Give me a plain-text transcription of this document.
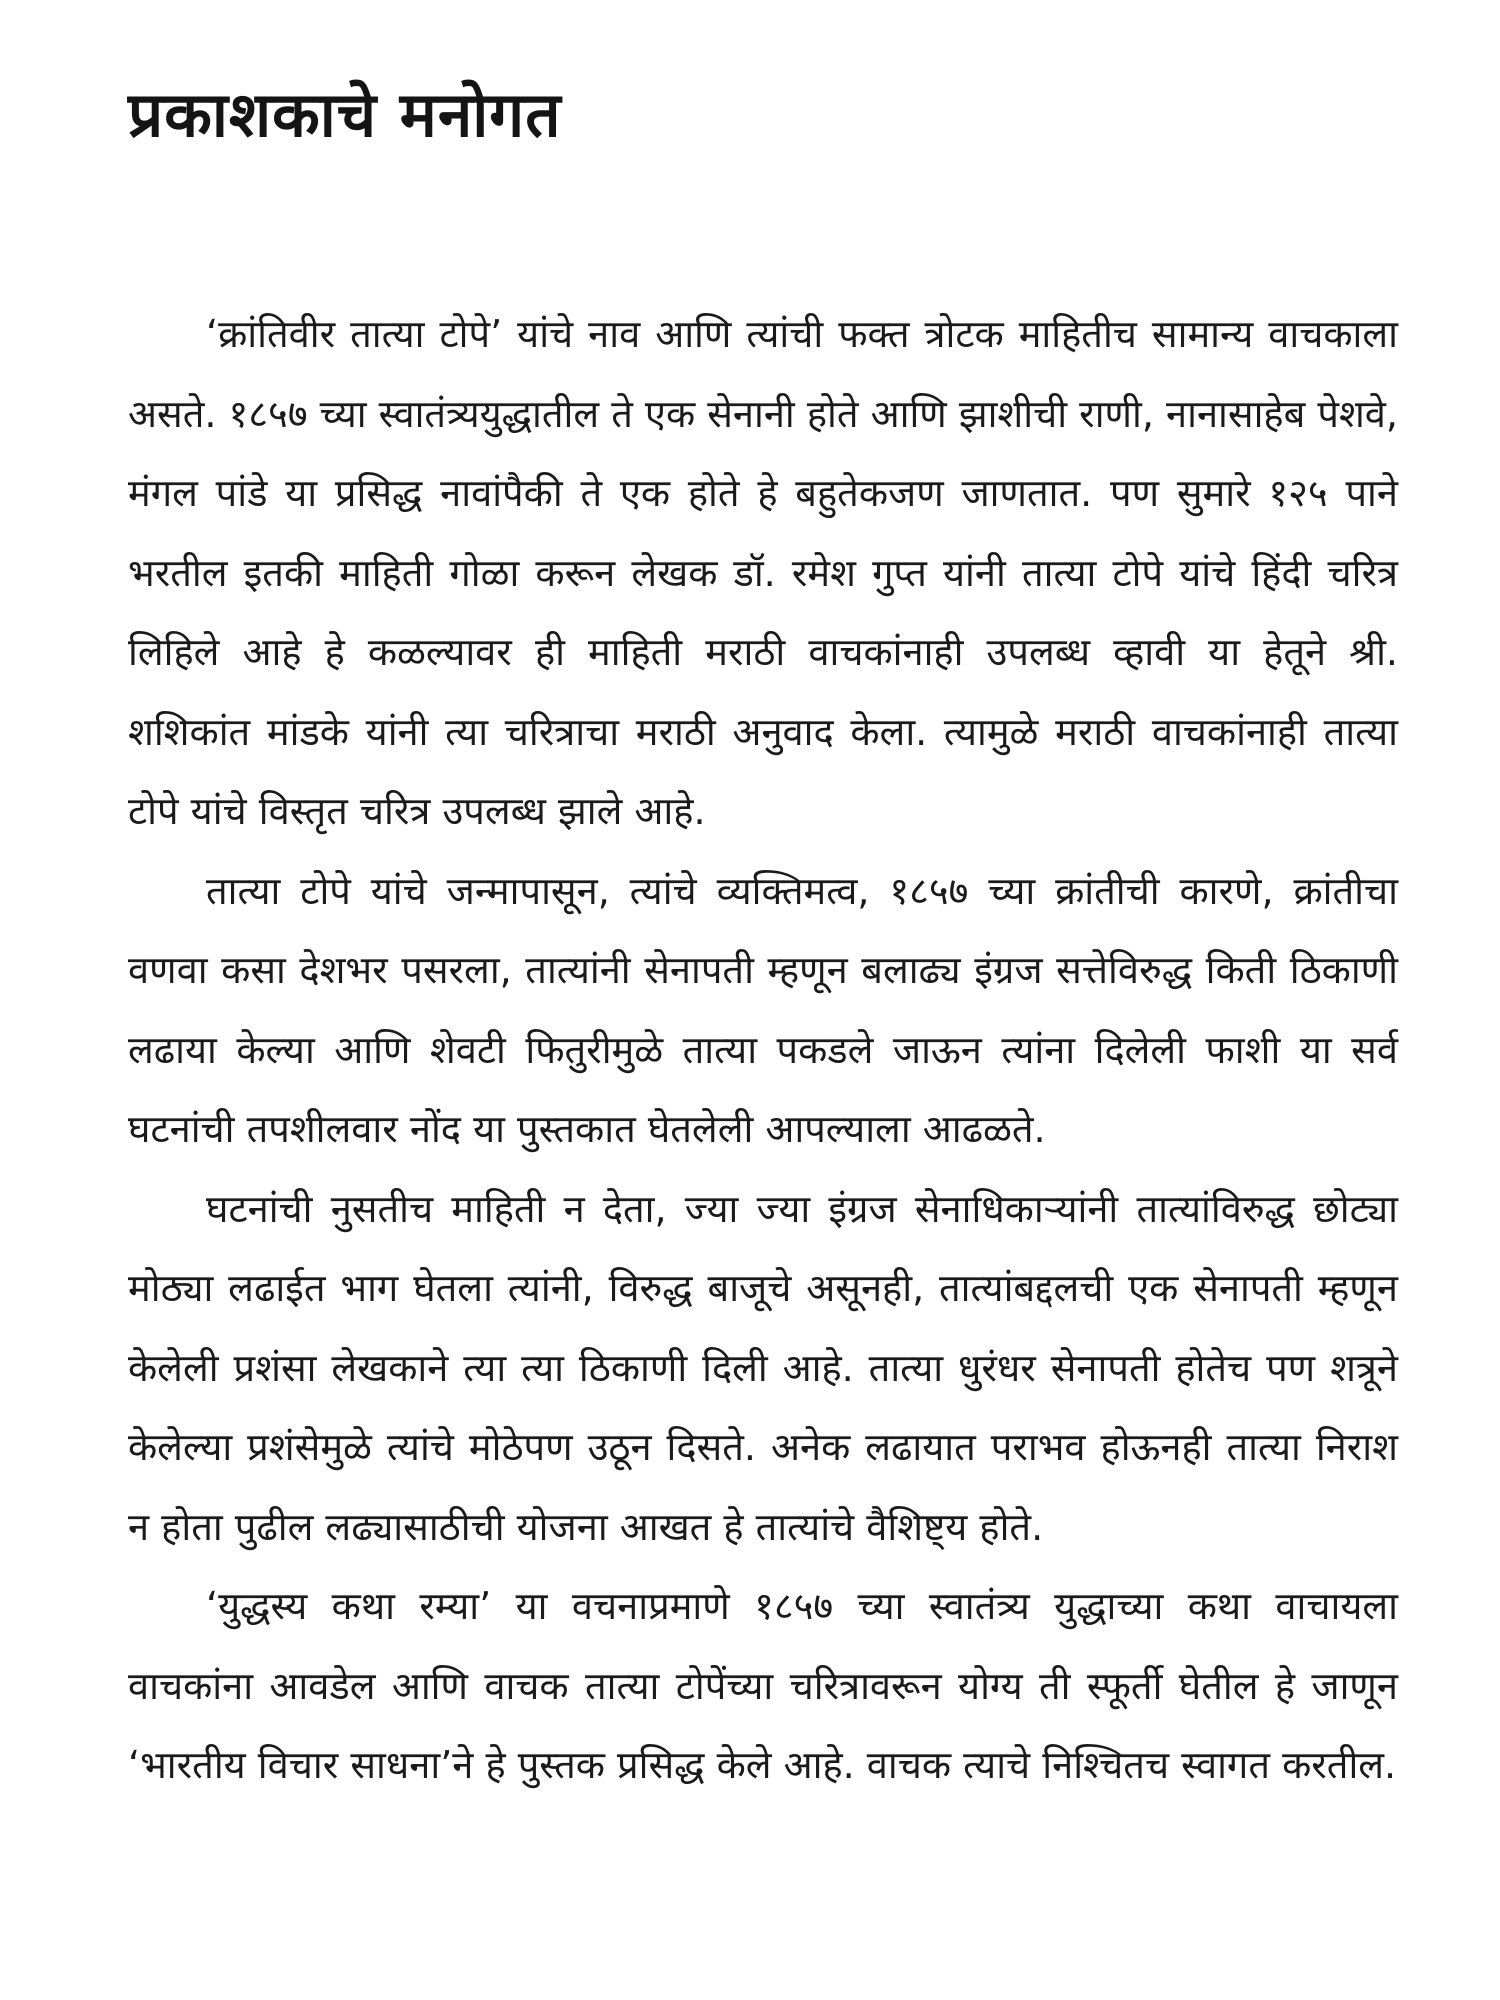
प्रकाशकाचे मनोगत

‘क्रांतिवीर तात्या टोपे’ यांचे नाव आणि त्यांची फक्त त्रोटक माहितीच सामान्य वाचकाला असते. १८५७ च्या स्वातंत्र्ययुद्धातील ते एक सेनानी होते आणि झाशीची राणी, नानासाहेब पेशवे, मंगल पांडे या प्रसिद्ध नावांपैकी ते एक होते हे बहुतेकजण जाणतात. पण सुमारे १२५ पाने भरतील इतकी माहिती गोळा करून लेखक डॉ. रमेश गुप्त यांनी तात्या टोपे यांचे हिंदी चरित्र लिहिले आहे हे कळल्यावर ही माहिती मराठी वाचकांनाही उपलब्ध व्हावी या हेतूने श्री. शशिकांत मांडके यांनी त्या चरित्राचा मराठी अनुवाद केला. त्यामुळे मराठी वाचकांनाही तात्या टोपे यांचे विस्तृत चरित्र उपलब्ध झाले आहे.

तात्या टोपे यांचे जन्मापासून, त्यांचे व्यक्तिमत्व, १८५७ च्या क्रांतीची कारणे, क्रांतीचा वणवा कसा देशभर पसरला, तात्यांनी सेनापती म्हणून बलाढ्य इंग्रज सत्तेविरुद्ध किती ठिकाणी लढाया केल्या आणि शेवटी फितुरीमुळे तात्या पकडले जाऊन त्यांना दिलेली फाशी या सर्व घटनांची तपशीलवार नोंद या पुस्तकात घेतलेली आपल्याला आढळते.

घटनांची नुसतीच माहिती न देता, ज्या ज्या इंग्रज सेनाधिकाऱ्यांनी तात्यांविरुद्ध छोट्या मोठ्या लढाईत भाग घेतला त्यांनी, विरुद्ध बाजूचे असूनही, तात्यांबद्दलची एक सेनापती म्हणून केलेली प्रशंसा लेखकाने त्या त्या ठिकाणी दिली आहे. तात्या धुरंधर सेनापती होतेच पण शत्रूने केलेल्या प्रशंसेमुळे त्यांचे मोठेपण उठून दिसते. अनेक लढायात पराभव होऊनही तात्या निराश न होता पुढील लढ्यासाठीची योजना आखत हे तात्यांचे वैशिष्ट्य होते.

‘युद्धस्य कथा रम्या’ या वचनाप्रमाणे १८५७ च्या स्वातंत्र्य युद्धाच्या कथा वाचायला वाचकांना आवडेल आणि वाचक तात्या टोपेंच्या चरित्रावरून योग्य ती स्फूर्ती घेतील हे जाणून ‘भारतीय विचार साधना’ने हे पुस्तक प्रसिद्ध केले आहे. वाचक त्याचे निश्चितच स्वागत करतील.
